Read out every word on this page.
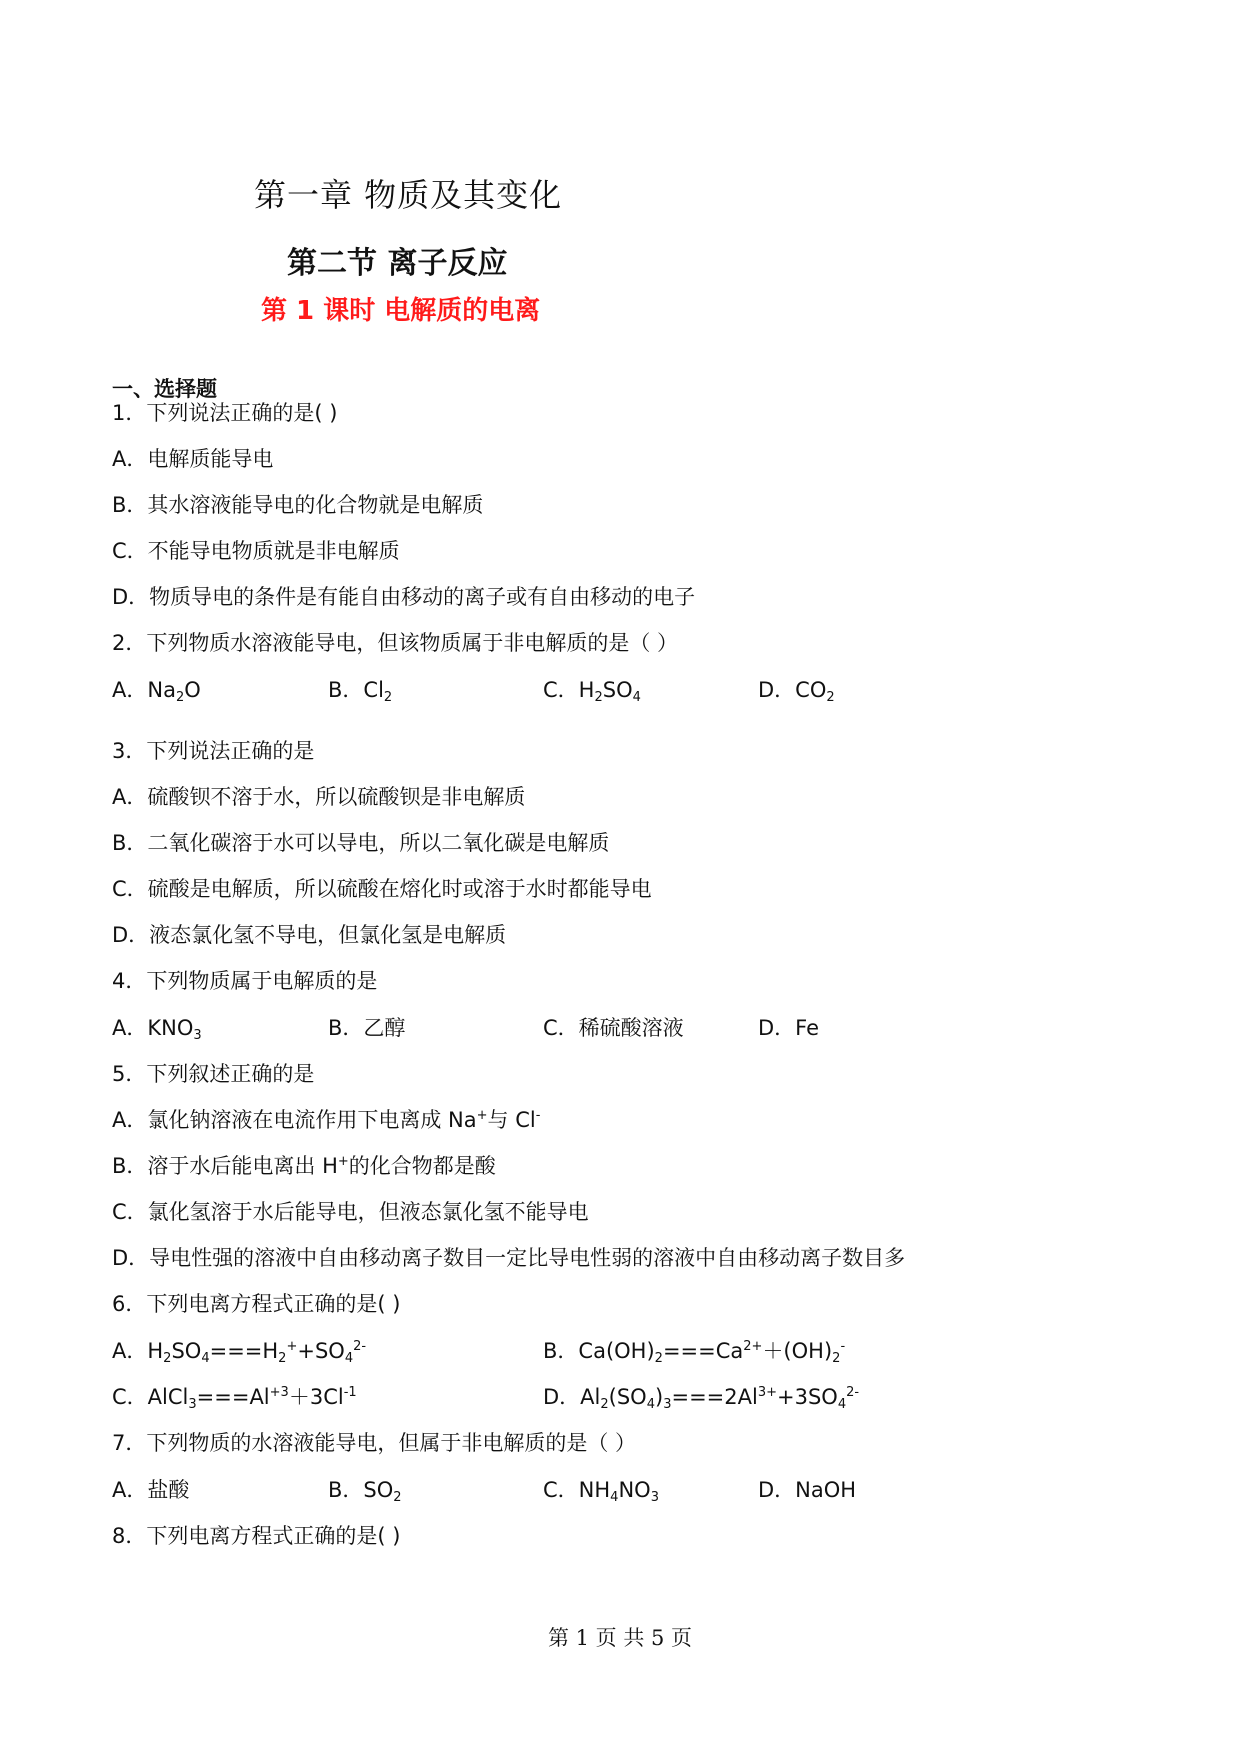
第一章 物质及其变化
第二节 离子反应
第 1 课时 电解质的电离
一、选择题
1．下列说法正确的是( )
A．电解质能导电
B．其水溶液能导电的化合物就是电解质
C．不能导电物质就是非电解质
D．物质导电的条件是有能自由移动的离子或有自由移动的电子
2．下列物质水溶液能导电，但该物质属于非电解质的是（ ）
A．$Na_2O$	B．$Cl_2$	C．$H_2SO_4$	D．$CO_2$
3．下列说法正确的是
A．硫酸钡不溶于水，所以硫酸钡是非电解质
B．二氧化碳溶于水可以导电，所以二氧化碳是电解质
C．硫酸是电解质，所以硫酸在熔化时或溶于水时都能导电
D．液态氯化氢不导电，但氯化氢是电解质
4．下列物质属于电解质的是
A．$KNO_3$	B．乙醇	C．稀硫酸溶液	D．Fe
5．下列叙述正确的是
A．氯化钠溶液在电流作用下电离成 Na+与 Cl-
B．溶于水后能电离出 H+的化合物都是酸
C．氯化氢溶于水后能导电，但液态氯化氢不能导电
D．导电性强的溶液中自由移动离子数目一定比导电性弱的溶液中自由移动离子数目多
6．下列电离方程式正确的是( )
A．$H_2SO_4===H_2^++SO_4^{2-}$	B．$Ca(OH)_2===Ca^{2+}+(OH)_2^-$
C．$AlCl_3===Al^{+3}+3Cl^{-1}$	D．$Al_2(SO_4)_3===2Al^{3+}+3SO_4^{2-}$
7．下列物质的水溶液能导电，但属于非电解质的是（ ）
A．盐酸	B．$SO_2$	C．$NH_4NO_3$	D．NaOH
8．下列电离方程式正确的是( )
第 1 页 共 5 页
